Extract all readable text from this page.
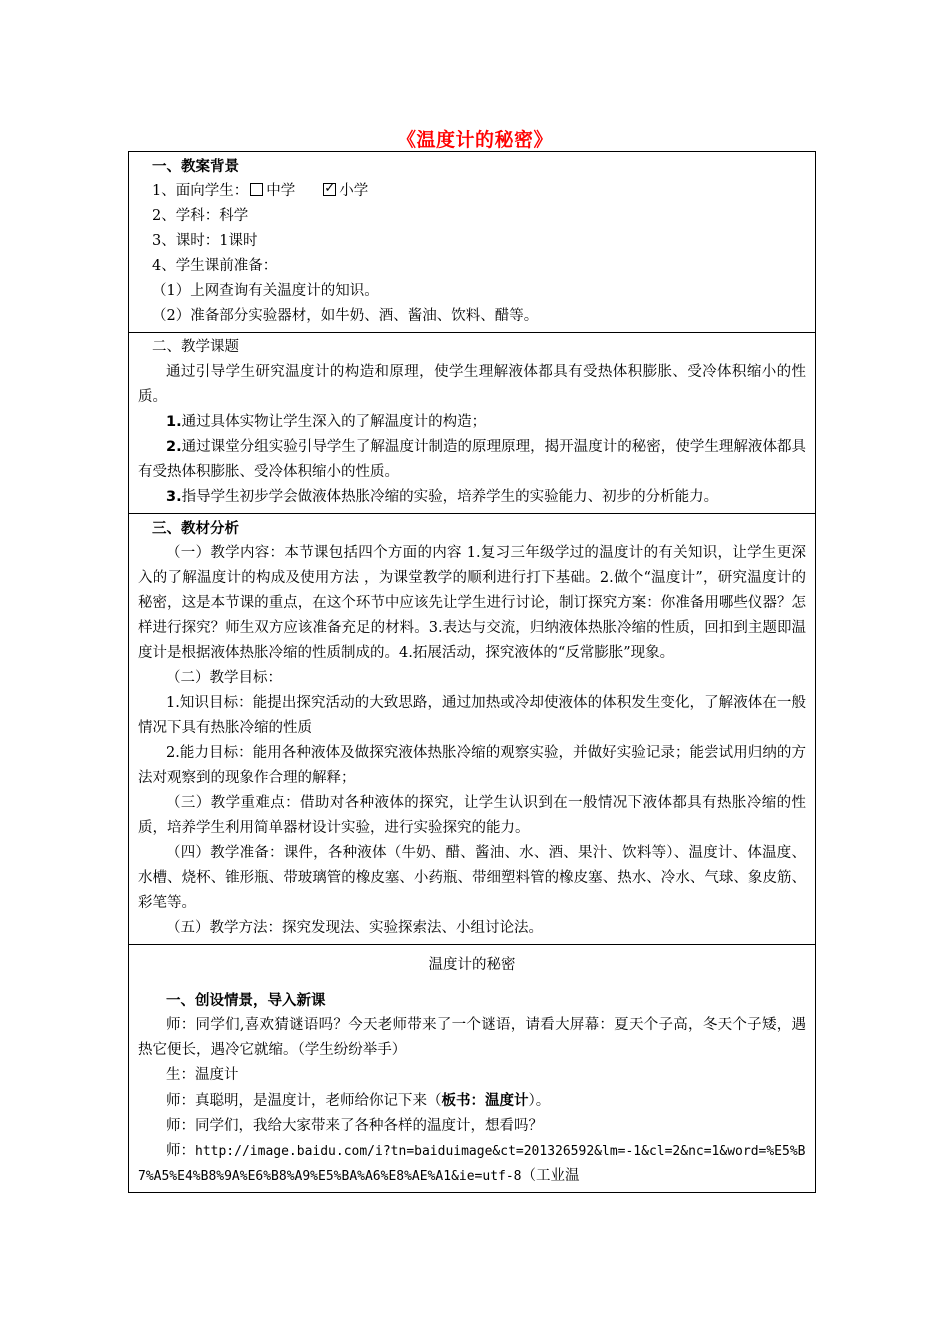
《温度计的秘密》

一、教案背景

1、面向学生： 中学✓	小学

2、学科：科学

3、课时：1课时

4、学生课前准备：

（1）上网查询有关温度计的知识。

（2）准备部分实验器材，如牛奶、酒、酱油、饮料、醋等。

二、教学课题

通过引导学生研究温度计的构造和原理，使学生理解液体都具有受热体积膨胀、受冷体积缩小的性质。

1.通过具体实物让学生深入的了解温度计的构造；

2.通过课堂分组实验引导学生了解温度计制造的原理原理，揭开温度计的秘密，使学生理解液体都具有受热体积膨胀、受冷体积缩小的性质。

3.指导学生初步学会做液体热胀冷缩的实验，培养学生的实验能力、初步的分析能力。

三、教材分析

（一）教学内容：本节课包括四个方面的内容 1.复习三年级学过的温度计的有关知识，让学生更深入的了解温度计的构成及使用方法 ，为课堂教学的顺利进行打下基础。2.做个“温度计”，研究温度计的秘密，这是本节课的重点，在这个环节中应该先让学生进行讨论，制订探究方案：你准备用哪些仪器？怎样进行探究？师生双方应该准备充足的材料。3.表达与交流，归纳液体热胀冷缩的性质，回扣到主题即温度计是根据液体热胀冷缩的性质制成的。4.拓展活动，探究液体的“反常膨胀”现象。

（二）教学目标：

1.知识目标：能提出探究活动的大致思路，通过加热或冷却使液体的体积发生变化，了解液体在一般情况下具有热胀冷缩的性质

2.能力目标：能用各种液体及做探究液体热胀冷缩的观察实验，并做好实验记录；能尝试用归纳的方法对观察到的现象作合理的解释；

（三）教学重难点：借助对各种液体的探究，让学生认识到在一般情况下液体都具有热胀冷缩的性质，培养学生利用简单器材设计实验，进行实验探究的能力。

（四）教学准备：课件，各种液体（牛奶、醋、酱油、水、酒、果汁、饮料等）、温度计、体温度、水槽、烧杯、锥形瓶、带玻璃管的橡皮塞、小药瓶、带细塑料管的橡皮塞、热水、冷水、气球、象皮筋、彩笔等。

（五）教学方法：探究发现法、实验探索法、小组讨论法。

温度计的秘密

一、创设情景，导入新课

师：同学们,喜欢猜谜语吗？今天老师带来了一个谜语，请看大屏幕：夏天个子高，冬天个子矮，遇热它便长，遇冷它就缩。（学生纷纷举手）

生：温度计

师：真聪明，是温度计，老师给你记下来（板书：温度计）。

师：同学们，我给大家带来了各种各样的温度计，想看吗？

师：http://image.baidu.com/i?tn=baiduimage&ct=201326592&lm=-1&cl=2&nc=1&word=%E5%B7%A5%E4%B8%9A%E6%B8%A9%E5%BA%A6%E8%AE%A1&ie=utf-8（工业温
